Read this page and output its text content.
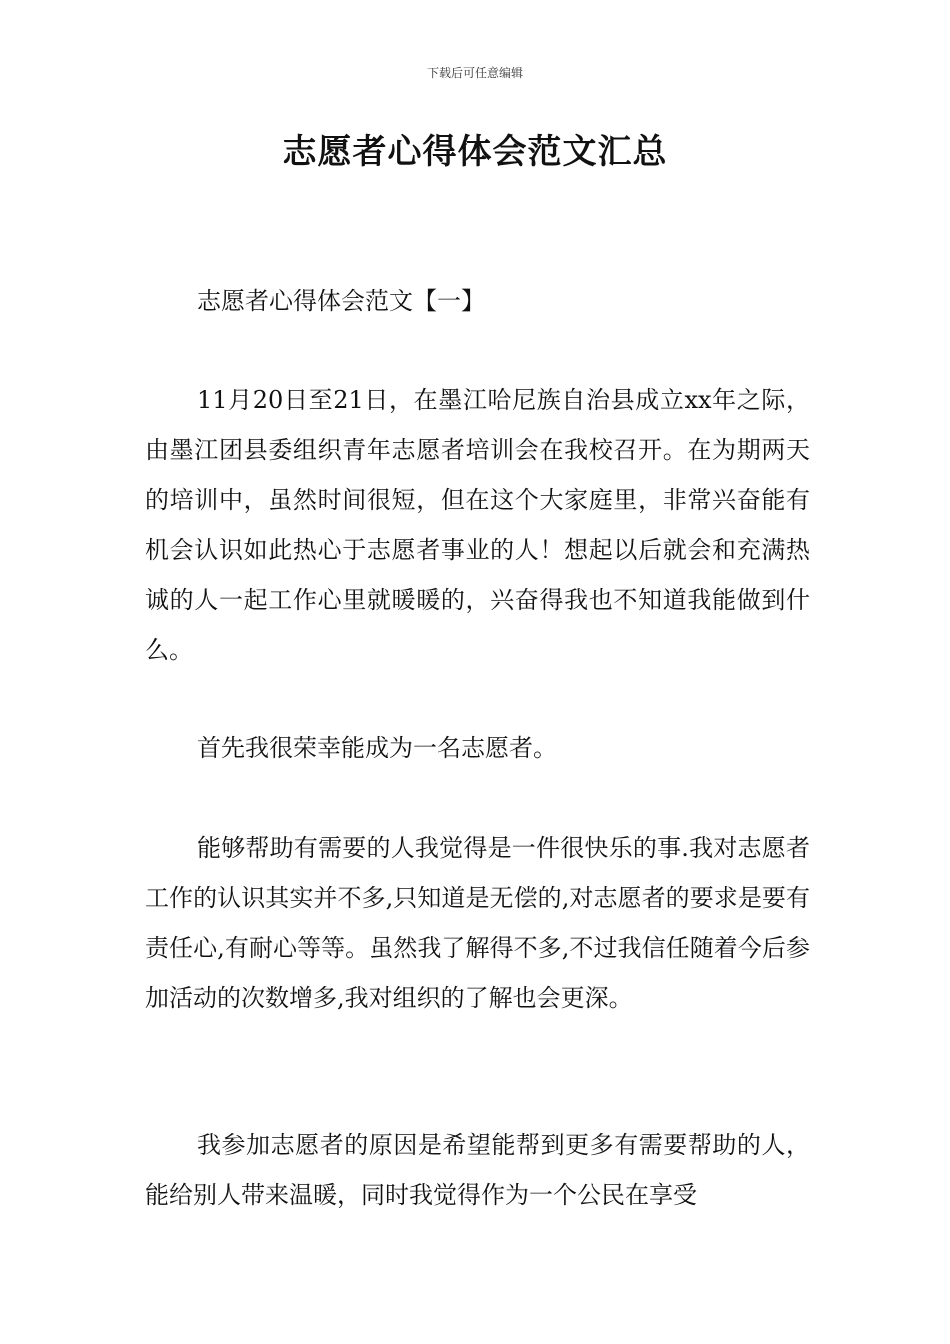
下载后可任意编辑
志愿者心得体会范文汇总

志愿者心得体会范文【一】

11月20日至21日，在墨江哈尼族自治县成立xx年之际，由墨江团县委组织青年志愿者培训会在我校召开。在为期两天的培训中，虽然时间很短，但在这个大家庭里，非常兴奋能有机会认识如此热心于志愿者事业的人！想起以后就会和充满热诚的人一起工作心里就暖暖的，兴奋得我也不知道我能做到什么。

首先我很荣幸能成为一名志愿者。

能够帮助有需要的人我觉得是一件很快乐的事.我对志愿者工作的认识其实并不多,只知道是无偿的,对志愿者的要求是要有责任心,有耐心等等。虽然我了解得不多,不过我信任随着今后参加活动的次数增多,我对组织的了解也会更深。

我参加志愿者的原因是希望能帮到更多有需要帮助的人，能给别人带来温暖，同时我觉得作为一个公民在享受
